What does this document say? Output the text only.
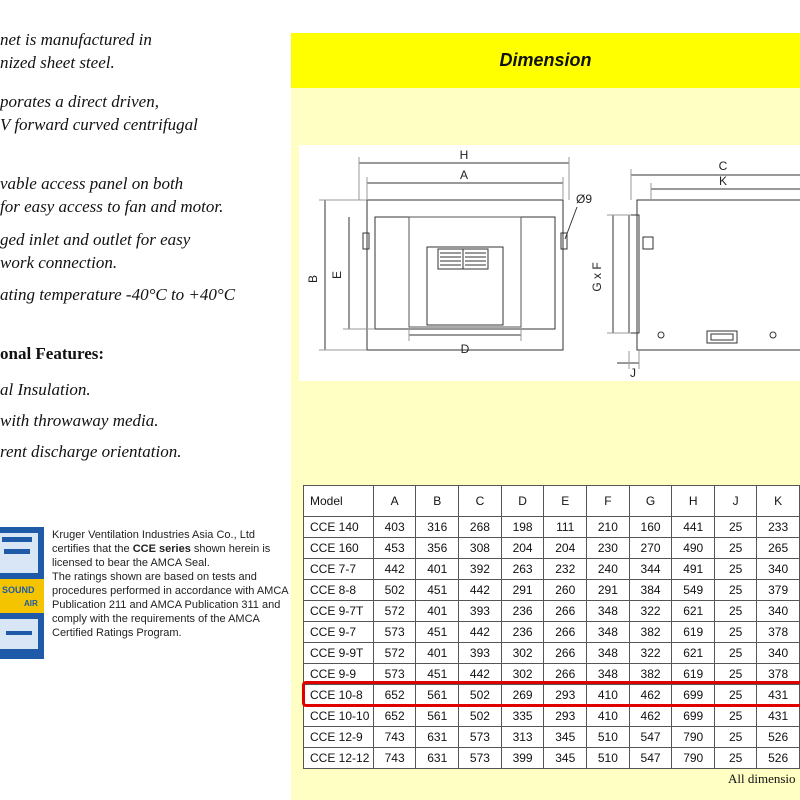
net is manufactured in
nized sheet steel.
porates a direct driven,
V forward curved centrifugal
vable access panel on both
for easy access to fan and motor.
ged inlet and outlet for easy
work connection.
ating temperature -40°C to +40°C
onal Features:
al Insulation.
with throwaway media.
rent discharge orientation.
SOUND
AIR

Kruger Ventilation Industries Asia Co., Ltd certifies that the CCE series shown herein is licensed to bear the AMCA Seal.

The ratings shown are based on tests and procedures performed in accordance with AMCA Publication 211 and AMCA Publication 311 and comply with the requirements of the AMCA Certified Ratings Program.

Dimension
H
A
B E
D
Ø9
C
K
G x F
J
Model	A	B	C	D	E	F	G	H	J	K
CCE 140	403	316	268	198	111	210	160	441	25	233
CCE 160	453	356	308	204	204	230	270	490	25	265
CCE 7-7	442	401	392	263	232	240	344	491	25	340
CCE 8-8	502	451	442	291	260	291	384	549	25	379
CCE 9-7T	572	401	393	236	266	348	322	621	25	340
CCE 9-7	573	451	442	236	266	348	382	619	25	378
CCE 9-9T	572	401	393	302	266	348	322	621	25	340
CCE 9-9	573	451	442	302	266	348	382	619	25	378
CCE 10-8	652	561	502	269	293	410	462	699	25	431
CCE 10-10	652	561	502	335	293	410	462	699	25	431
CCE 12-9	743	631	573	313	345	510	547	790	25	526
CCE 12-12	743	631	573	399	345	510	547	790	25	526
All dimensio
